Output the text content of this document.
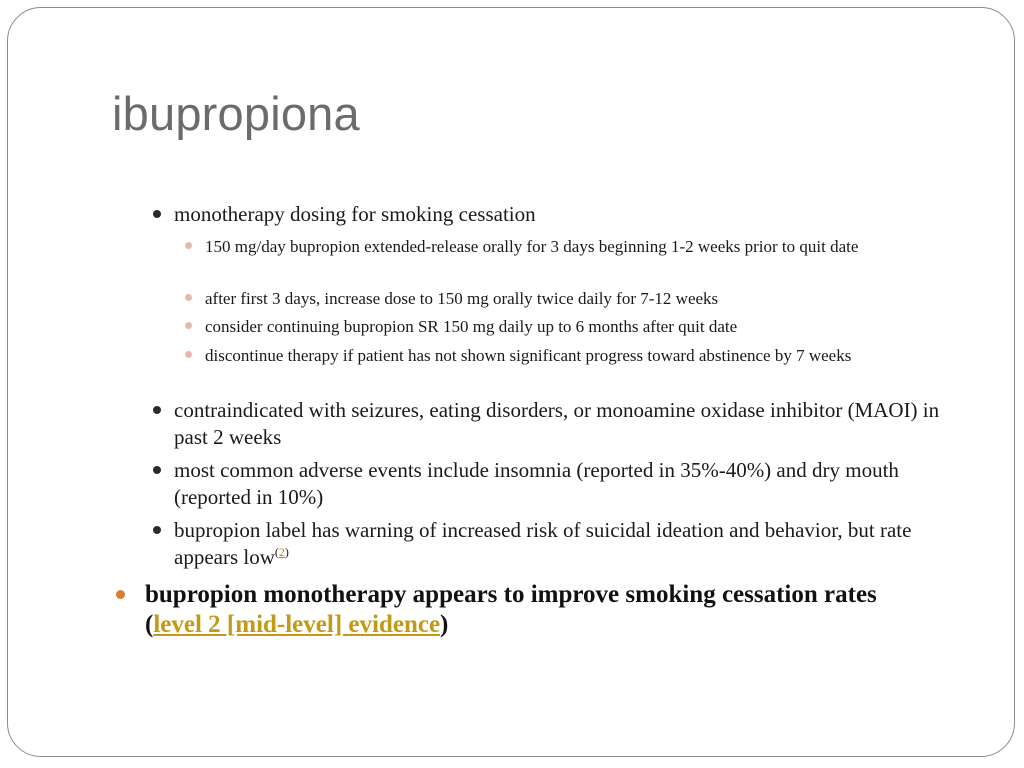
ibupropiona
monotherapy dosing for smoking cessation
150 mg/day bupropion extended-release orally for 3 days beginning 1-2 weeks prior to quit date
after first 3 days, increase dose to 150 mg orally twice daily for 7-12 weeks
consider continuing bupropion SR 150 mg daily up to 6 months after quit date
discontinue therapy if patient has not shown significant progress toward abstinence by 7 weeks
contraindicated with seizures, eating disorders, or monoamine oxidase inhibitor (MAOI) in past 2 weeks
most common adverse events include insomnia (reported in 35%-40%) and dry mouth (reported in 10%)
bupropion label has warning of increased risk of suicidal ideation and behavior, but rate appears low$^{(2)}$
bupropion monotherapy appears to improve smoking cessation rates (level 2 [mid-level] evidence)
